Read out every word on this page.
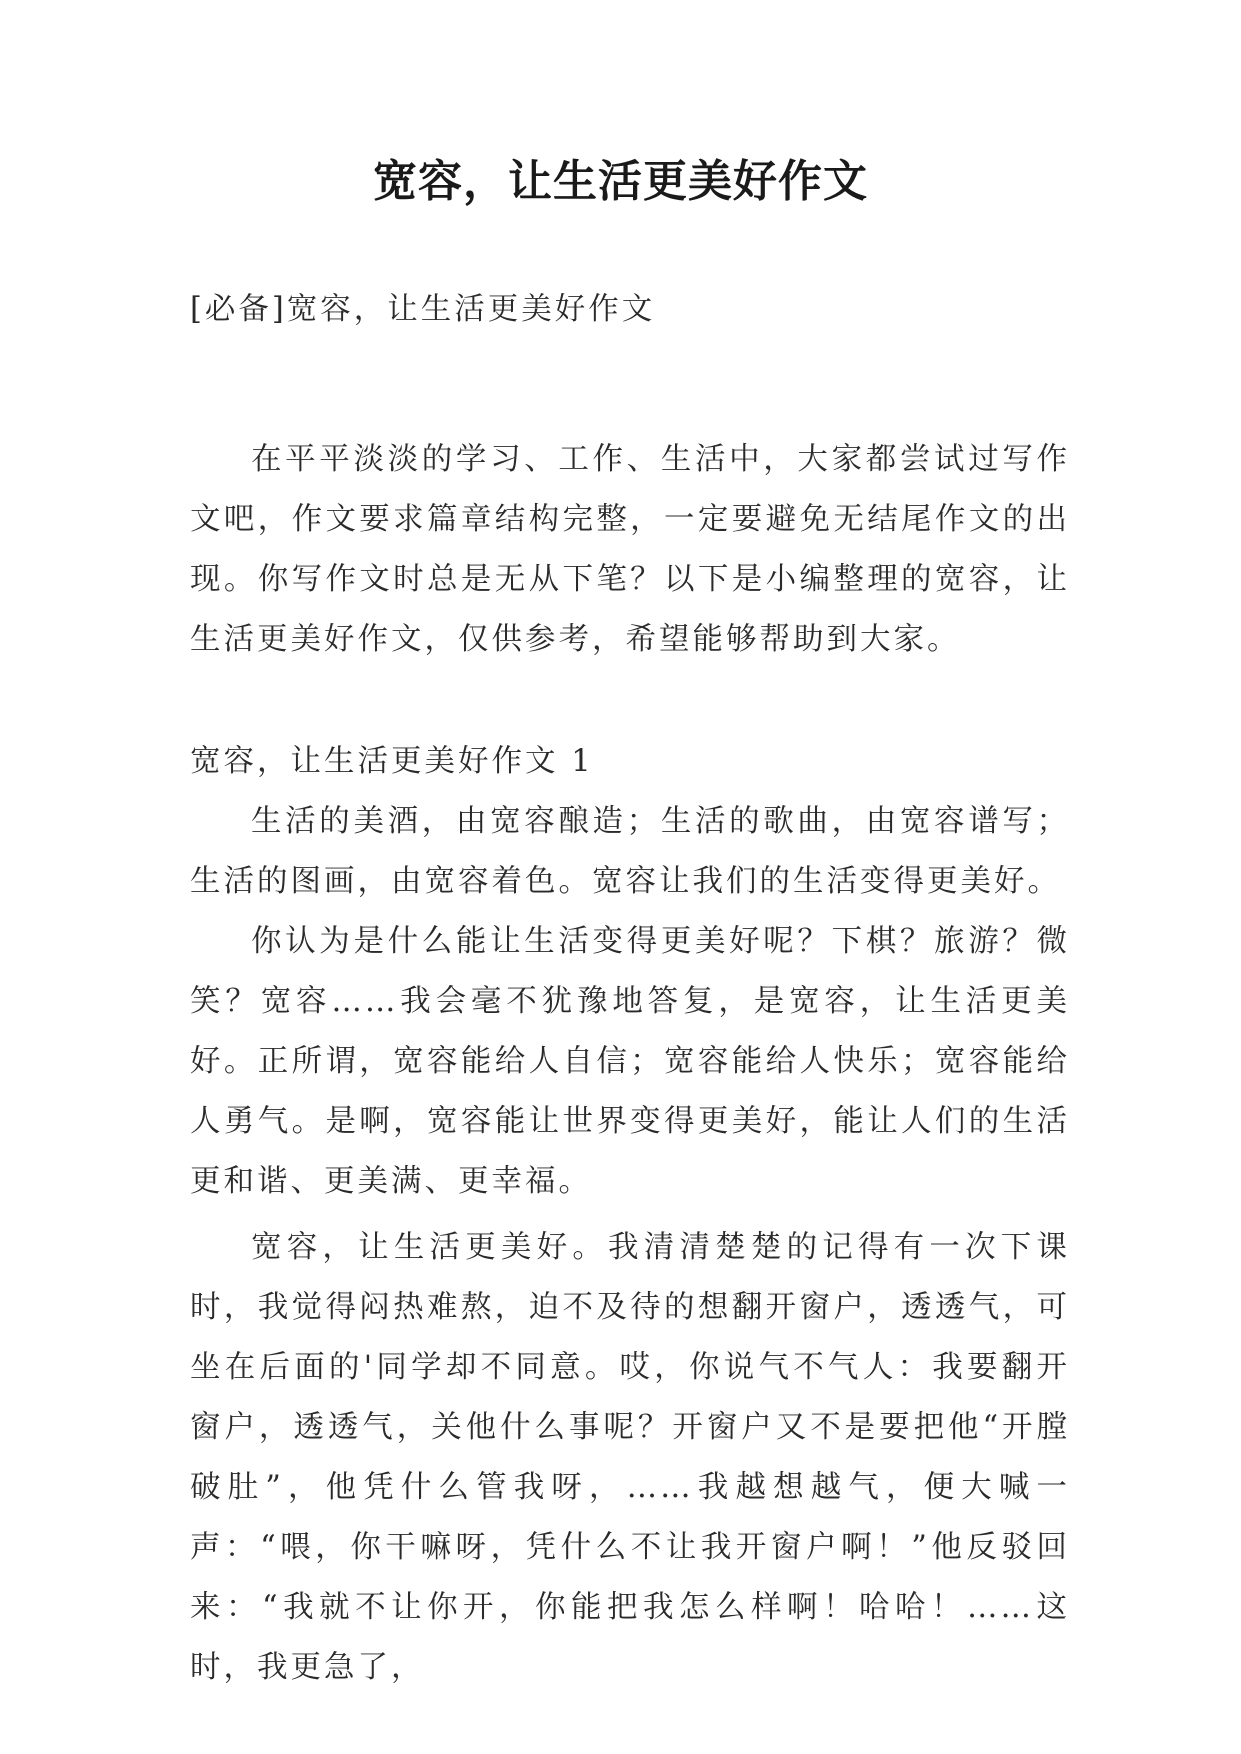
宽容，让生活更美好作文

[必备]宽容，让生活更美好作文

在平平淡淡的学习、工作、生活中，大家都尝试过写作文吧，作文要求篇章结构完整，一定要避免无结尾作文的出现。你写作文时总是无从下笔？以下是小编整理的宽容，让生活更美好作文，仅供参考，希望能够帮助到大家。

宽容，让生活更美好作文 1

生活的美酒，由宽容酿造；生活的歌曲，由宽容谱写；生活的图画，由宽容着色。宽容让我们的生活变得更美好。

你认为是什么能让生活变得更美好呢？下棋？旅游？微笑？宽容……我会毫不犹豫地答复，是宽容，让生活更美好。正所谓，宽容能给人自信；宽容能给人快乐；宽容能给人勇气。是啊，宽容能让世界变得更美好，能让人们的生活更和谐、更美满、更幸福。

宽容，让生活更美好。我清清楚楚的记得有一次下课时，我觉得闷热难熬，迫不及待的想翻开窗户，透透气，可坐在后面的'同学却不同意。哎，你说气不气人：我要翻开窗户，透透气，关他什么事呢？开窗户又不是要把他“开膛破肚”，他凭什么管我呀，……我越想越气，便大喊一声：“喂，你干嘛呀，凭什么不让我开窗户啊！”他反驳回来：“我就不让你开，你能把我怎么样啊！哈哈！……这时，我更急了，
